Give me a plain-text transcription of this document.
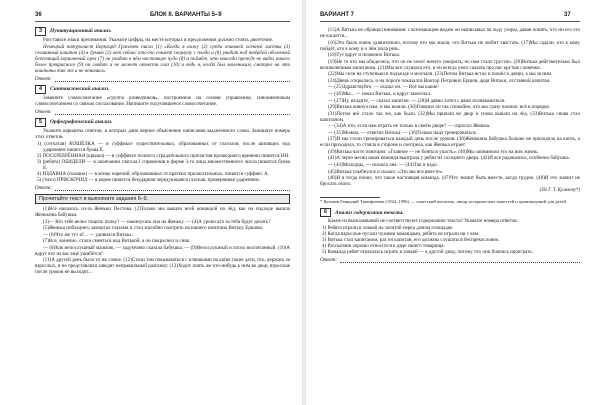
36	БЛОК II. ВАРИАНТЫ 5–9
3	Пунктуационный анализ.

Расставьте знаки препинания. Укажите цифры, на месте которых в предложении должно стоять двоеточие.

Немецкий натуралист Бернгард Гржимек писал (1) «Когда я вижу (2) среди опавшей осенней листвы (3) сломанный каштан (4) я думаю (5) вот сейчас кто-то снимет скорлупу с плода и (6) увидит под твёрдой оболочкой блестящий коричневый орех (7) он увидит в нём настоящее чудо (8) и поймёт, что никогда прежде не видел ничего более прекрасного (9) он глядит и не может отвести глаз (10) а ведь я, когда был маленьким, смотрел на эти каштаны так же и не понимал».

Ответ:
4	Синтаксический анализ.

Замените словосочетание «группа разведчиков», построенное на основе управления, синонимичным словосочетанием со связью согласование. Напишите получившееся словосочетание.

Ответ:
5	Орфографический анализ.

Укажите варианты ответов, в которых дано верное объяснение написания выделенного слова. Запишите номера этих ответов.

1) (сетчатая) КОШЁЛКА — в суффиксе существительных, образованных от глаголов, после шипящих под ударением пишется буква Ё.
2) ПОСЕРЕБРЁННАЯ (крыша) — в суффиксе полного страдательного причастия прошедшего времени пишется НН.
3) (ребята) ОБИДЕЛИ — в окончании глагола I спряжения в форме 3-го лица множественного числа пишется буква Е.
4) ИЗДАВНА (сказано) — в конце наречий, образованных от кратких прилагательных, пишется суффикс А.
5) (тихо) ПРИСКОЧИЛ — в корне пишется безударная чередующаяся гласная, проверяемая ударением.
Ответ:
Прочитайте текст и выполните задания 6–9.

(1)Всё началось из-за Женьки Пестова. (2)Только мы вышли всей командой на лёд, как на подходе вышла Женькина бабушка.

(3)— Кто тебе велел тащить палку? — накинулась она на Женьку. — (4)А уроки кто за тебя будет делать?

(5)Женька побледнел, заморгал глазами и стал жалобно смотреть на нашего капитана Витьку Ершова.

— (6)Что же тут я?... — удивился Витька.

(7)Все, конечно, стали смеяться над Витькой, а он покраснел и сник.

— (8)Как непослушный мальчик, — задумчиво сказала бабушка. — (9)Непослушный и плохо воспитанный. (10)А вдруг кто из вас ещё ушибётся?

(11)А другой день было то же самое. (12)Стали там показываться с клюшками на катке такие дети, что, держась за взрослых, и не представляли заводят неправильный разговор: (13)Ходит опять же кто-нибудь к ним во двор, взрослые после уроков не выходят...

ВАРИАНТ 7	37

(15)А Витька не обращал внимания: с всезнающим видом он выписывал на льду узоры, давая понять, что ни его это не касается...

(16)Это было очень удивительно, потому что мы знали, что Витька не любит хвастать. (17)Мы гадали, кто к кому пойдёт, кто к кому и о чём пила речь.

(18)Тут вдруг и позвонил Витька.

(19)Не то что мы обиделись, что он не хочет ничего говорить, но нам стало грустно. (20)Витька действительно был великолепным капитаном. (21)Мы все слушали его, и он всегда умел сказать про нас крутые словечки.

(22)Мы сели на ступеньки в подъезде и молчали. (23)Потом Витька встал и пошёл к двери, а мы за ним.

(24)Дверь открылась, и на пороге показался Виктор Петрович Ершов, дядя Витьки, отставной капитан.

— (25)Здравствуйте, — сказал он. — Вот вы какие!

— (26)Мы... — начал Витька, и вдруг замолчал.

— (27)Ну, входите, — сказал капитан. — (28)Я давно хотел с вами познакомиться.

(29)Витька кивнул нам, и мы вошли. (30)Говорил он так спокойно, что мы сразу поняли: всё в порядке.

(31)Потом всё стало так же, как было. (32)Мы пришли во двор и снова вышли на лёд. (33)Витька снова стал капитаном.

— (34)А что, если нам играть не только в своём дворе? — спросил Женька.

— (35)Можно, — ответил Витька. — (36)Только надо тренироваться.

(37)И мы стали тренироваться каждый день после уроков. (38)Женькина бабушка больше не приходила на каток, а если приходила, то стояла в стороне и смотрела, как Женька играет.

(39)Витька часто повторял: «Главное — не бояться упасть». (40)Мы запомнили это на всю жизнь.

(41)А через месяц наша команда выиграла у ребят из соседнего двора. (42)И все радовались, особенно бабушка.

— (43)Молодцы, — сказала она. — (44)Так и надо.

(45)Витька улыбнулся и сказал: «Это мы все вместе».

(46)И я тогда понял, что такое настоящая команда. (47)Что значит быть вместе, когда трудно. (48)И что значит не бросать своих.

(По Г. Т. Кулакову*)
* Кулаков Геннадий Тимофеевич (1924–1996) — советский писатель, автор исторических повестей и произведений для детей.
6	Анализ содержания текста.

Какие из высказываний не соответствуют содержанию текста? Укажите номера ответов.

1) Ребята играли в хоккей на залитой перед домом площадке.
2) Когда взрослые пугали чужими командами, ребята не играли ни с кем.
3) Витька стал капитаном, раз он капитан, его должны слушаться беспрекословно.
4) Рассказчик хорошо относится к дяде своего товарища.
5) Команда ребят отказалась играть в хоккей — в другой двор, потому что они боялись проиграть.
Ответ:
